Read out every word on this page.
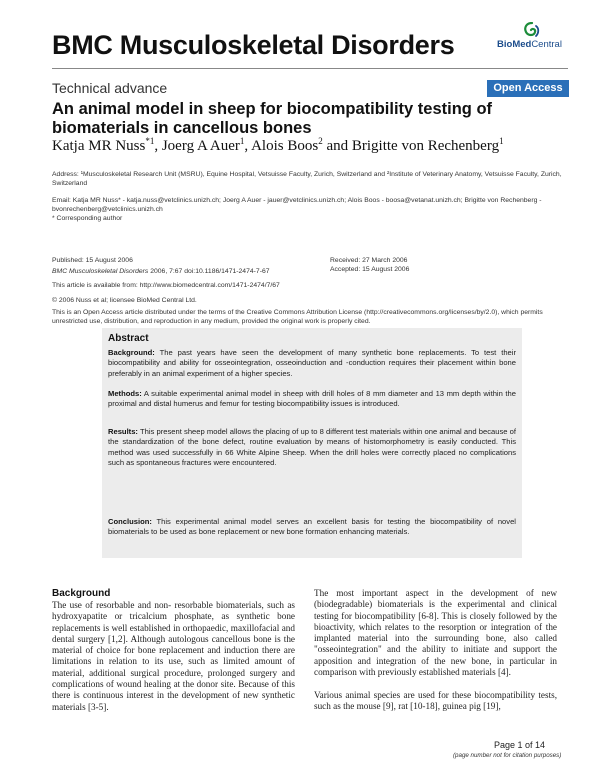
BMC Musculoskeletal Disorders	BioMedCentral
Technical advance	Open Access
An animal model in sheep for biocompatibility testing of biomaterials in cancellous bones
Katja MR Nuss$^{*1}$, Joerg A Auer$^1$, Alois Boos$^2$ and Brigitte von Rechenberg$^1$
Address: ¹Musculoskeletal Research Unit (MSRU), Equine Hospital, Vetsuisse Faculty, Zurich, Switzerland and ²Institute of Veterinary Anatomy, Vetsuisse Faculty, Zurich, Switzerland
Email: Katja MR Nuss* - katja.nuss@vetclinics.unizh.ch; Joerg A Auer - jauer@vetclinics.unizh.ch; Alois Boos - boosa@vetanat.unizh.ch; Brigitte von Rechenberg - bvonrechenberg@vetclinics.unizh.ch
* Corresponding author
Published: 15 August 2006
BMC Musculoskeletal Disorders 2006, 7:67 doi:10.1186/1471-2474-7-67
Received: 27 March 2006
Accepted: 15 August 2006
This article is available from: http://www.biomedcentral.com/1471-2474/7/67
© 2006 Nuss et al; licensee BioMed Central Ltd.
This is an Open Access article distributed under the terms of the Creative Commons Attribution License (http://creativecommons.org/licenses/by/2.0), which permits unrestricted use, distribution, and reproduction in any medium, provided the original work is properly cited.
Abstract
Background: The past years have seen the development of many synthetic bone replacements. To test their biocompatibility and ability for osseointegration, osseoinduction and -conduction requires their placement within bone preferably in an animal experiment of a higher species.
Methods: A suitable experimental animal model in sheep with drill holes of 8 mm diameter and 13 mm depth within the proximal and distal humerus and femur for testing biocompatibility issues is introduced.
Results: This present sheep model allows the placing of up to 8 different test materials within one animal and because of the standardization of the bone defect, routine evaluation by means of histomorphometry is easily conducted. This method was used successfully in 66 White Alpine Sheep. When the drill holes were correctly placed no complications such as spontaneous fractures were encountered.
Conclusion: This experimental animal model serves an excellent basis for testing the biocompatibility of novel biomaterials to be used as bone replacement or new bone formation enhancing materials.
Background
The use of resorbable and non- resorbable biomaterials, such as hydroxyapatite or tricalcium phosphate, as synthetic bone replacements is well established in orthopaedic, maxillofacial and dental surgery [1,2]. Although autologous cancellous bone is the material of choice for bone replacement and induction there are limitations in relation to its use, such as limited amount of material, additional surgical procedure, prolonged surgery and complications of wound healing at the donor site. Because of this there is continuous interest in the development of new synthetic materials [3-5].
The most important aspect in the development of new (biodegradable) biomaterials is the experimental and clinical testing for biocompatibility [6-8]. This is closely followed by the bioactivity, which relates to the resorption or integration of the implanted material into the surrounding bone, also called "osseointegration" and the ability to initiate and support the apposition and integration of the new bone, in particular in comparison with previously established materials [4].
Various animal species are used for these biocompatibility tests, such as the mouse [9], rat [10-18], guinea pig [19],
Page 1 of 14
(page number not for citation purposes)
